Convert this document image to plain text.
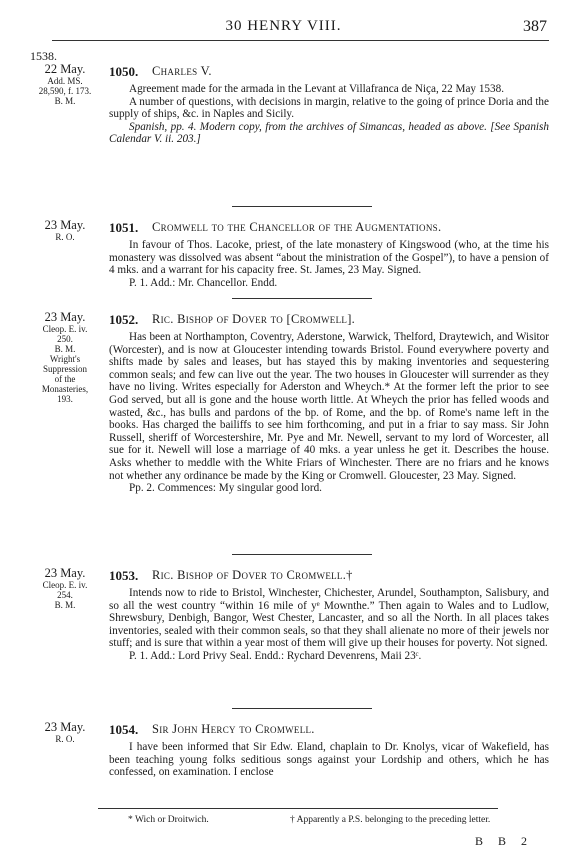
30 HENRY VIII.	387
1538.
22 May.
Add. MS.
28,590, f. 173.
B. M.
1050. Charles V.

Agreement made for the armada in the Levant at Villafranca de Niça, 22 May 1538.

A number of questions, with decisions in margin, relative to the going of prince Doria and the supply of ships, &c. in Naples and Sicily.

Spanish, pp. 4. Modern copy, from the archives of Simancas, headed as above. [See Spanish Calendar V. ii. 203.]

23 May.
R. O.
1051. Cromwell to the Chancellor of the Augmentations.

In favour of Thos. Lacoke, priest, of the late monastery of Kingswood (who, at the time his monastery was dissolved was absent “about the ministration of the Gospel”), to have a pension of 4 mks. and a warrant for his capacity free. St. James, 23 May. Signed.

P. 1. Add.: Mr. Chancellor. Endd.

23 May.
Cleop. E. iv.
250.
B. M.
Wright's
Suppression
of the
Monasteries,
193.
1052. Ric. Bishop of Dover to [Cromwell].

Has been at Northampton, Coventry, Aderstone, Warwick, Thelford, Draytewich, and Wisitor (Worcester), and is now at Gloucester intending towards Bristol. Found everywhere poverty and shifts made by sales and leases, but has stayed this by making inventories and sequestering common seals; and few can live out the year. The two houses in Gloucester will surrender as they have no living. Writes especially for Aderston and Wheych.* At the former left the prior to see God served, but all is gone and the house worth little. At Wheych the prior has felled woods and wasted, &c., has bulls and pardons of the bp. of Rome, and the bp. of Rome's name left in the books. Has charged the bailiffs to see him forthcoming, and put in a friar to say mass. Sir John Russell, sheriff of Worcestershire, Mr. Pye and Mr. Newell, servant to my lord of Worcester, all sue for it. Newell will lose a marriage of 40 mks. a year unless he get it. Describes the house. Asks whether to meddle with the White Friars of Winchester. There are no friars and he knows not whether any ordinance be made by the King or Cromwell. Gloucester, 23 May. Signed.

Pp. 2. Commences: My singular good lord.

23 May.
Cleop. E. iv.
254.
B. M.
1053. Ric. Bishop of Dover to Cromwell.†

Intends now to ride to Bristol, Winchester, Chichester, Arundel, Southampton, Salisbury, and so all the west country “within 16 mile of yᵉ Mownthe.” Then again to Wales and to Ludlow, Shrewsbury, Denbigh, Bangor, West Chester, Lancaster, and so all the North. In all places takes inventories, sealed with their common seals, so that they shall alienate no more of their jewels nor stuff; and is sure that within a year most of them will give up their houses for poverty. Not signed.

P. 1. Add.: Lord Privy Seal. Endd.: Rychard Devenrens, Maii 23ᶜ.

23 May.
R. O.
1054. Sir John Hercy to Cromwell.

I have been informed that Sir Edw. Eland, chaplain to Dr. Knolys, vicar of Wakefield, has been teaching young folks seditious songs against your Lordship and others, which he has confessed, on examination. I enclose

* Wich or Droitwich.	† Apparently a P.S. belonging to the preceding letter.
B B 2
